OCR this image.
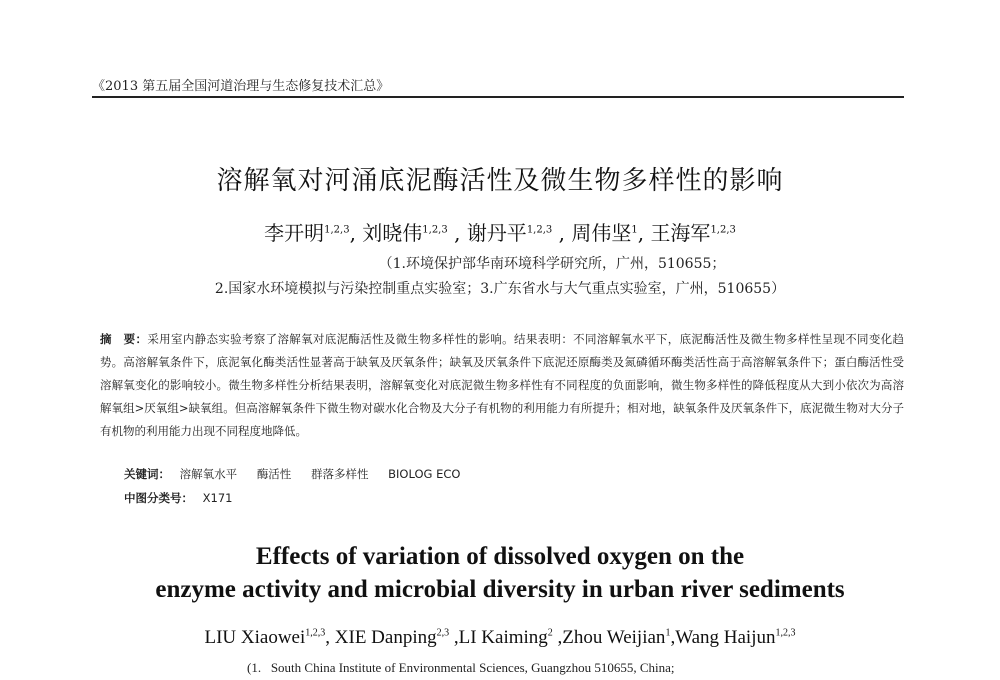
《2013 第五届全国河道治理与生态修复技术汇总》
溶解氧对河涌底泥酶活性及微生物多样性的影响
李开明$^{1,2,3}$, 刘晓伟$^{1,2,3}$ , 谢丹平$^{1,2,3}$ , 周伟坚$^1$, 王海军$^{1,2,3}$
（1.环境保护部华南环境科学研究所，广州，510655；
2.国家水环境模拟与污染控制重点实验室；3.广东省水与大气重点实验室，广州，510655）
摘　要：采用室内静态实验考察了溶解氧对底泥酶活性及微生物多样性的影响。结果表明：不同溶解氧水平下，底泥酶活性及微生物多样性呈现不同变化趋势。高溶解氧条件下，底泥氧化酶类活性显著高于缺氧及厌氧条件；缺氧及厌氧条件下底泥还原酶类及氮磷循环酶类活性高于高溶解氧条件下；蛋白酶活性受溶解氧变化的影响较小。微生物多样性分析结果表明，溶解氧变化对底泥微生物多样性有不同程度的负面影响，微生物多样性的降低程度从大到小依次为高溶解氧组>厌氧组>缺氧组。但高溶解氧条件下微生物对碳水化合物及大分子有机物的利用能力有所提升；相对地，缺氧条件及厌氧条件下，底泥微生物对大分子有机物的利用能力出现不同程度地降低。
关键词： 溶解氧水平 酶活性 群落多样性 BIOLOG ECO
中图分类号： X171
Effects of variation of dissolved oxygen on the
enzyme activity and microbial diversity in urban river sediments
LIU Xiaowei$^{1,2,3}$, XIE Danping$^{2,3}$ ,LI Kaiming$^2$ ,Zhou Weijian$^1$,Wang Haijun$^{1,2,3}$
(1.   South China Institute of Environmental Sciences, Guangzhou 510655, China;
